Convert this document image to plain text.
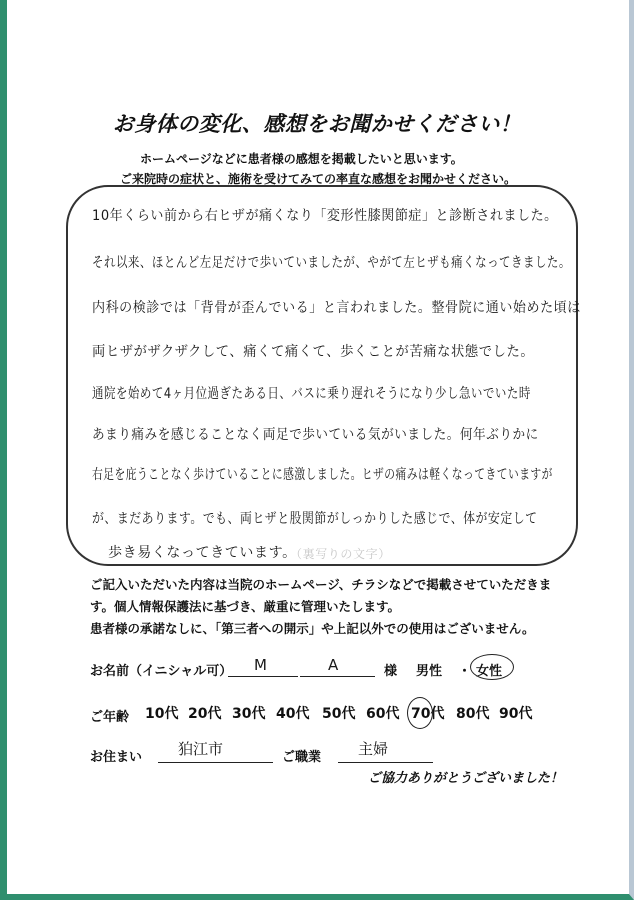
お身体の変化、感想をお聞かせください！
ホームページなどに患者様の感想を掲載したいと思います。
ご来院時の症状と、施術を受けてみての率直な感想をお聞かせください。
10年くらい前から右ヒザが痛くなり「変形性膝関節症」と診断されました。
それ以来、ほとんど左足だけで歩いていましたが、やがて左ヒザも痛くなってきました。
内科の検診では「背骨が歪んでいる」と言われました。整骨院に通い始めた頃は
両ヒザがザクザクして、痛くて痛くて、歩くことが苦痛な状態でした。
通院を始めて4ヶ月位過ぎたある日、バスに乗り遅れそうになり少し急いでいた時
あまり痛みを感じることなく両足で歩いている気がいました。何年ぶりかに
右足を庇うことなく歩けていることに感激しました。ヒザの痛みは軽くなってきていますが
が、まだあります。でも、両ヒザと股関節がしっかりした感じで、体が安定して
歩き易くなってきています。
（裏写りの文字）
ご記入いただいた内容は当院のホームページ、チラシなどで掲載させていただきま
す。個人情報保護法に基づき、厳重に管理いたします。
患者様の承諾なしに、「第三者への開示」や上記以外での使用はございません。
お名前（イニシャル可） M	A	様 男性 ・ 女性
ご年齢 10代 20代 30代 40代 50代 60代 70代 80代 90代
お住まい 狛江市	ご職業 主婦
ご協力ありがとうございました！
